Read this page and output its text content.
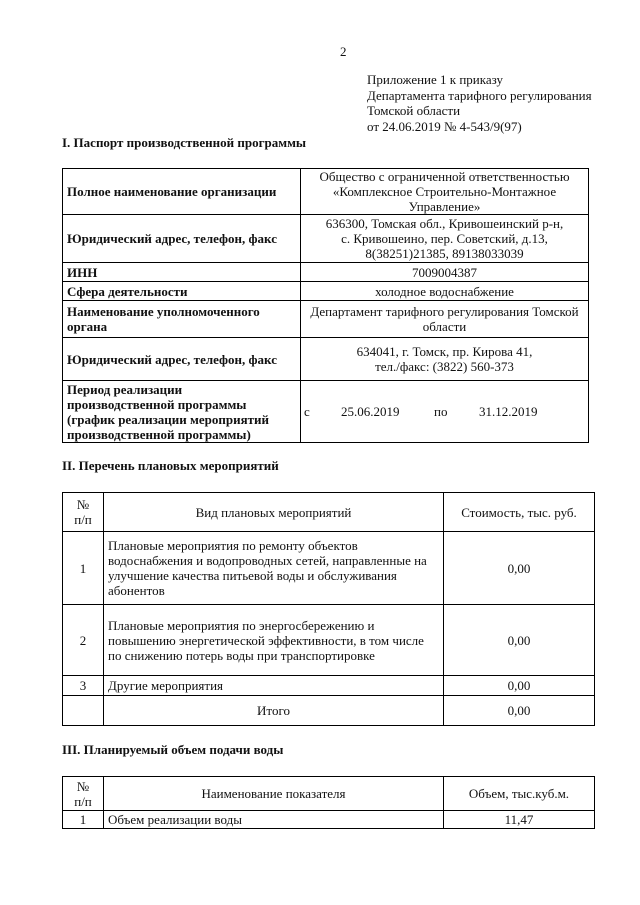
2
Приложение 1 к приказу
Департамента тарифного регулирования
Томской области
от 24.06.2019 № 4-543/9(97)
I. Паспорт производственной программы
Полное наименование организации	Общество с ограниченной ответственностью
«Комплексное Строительно-Монтажное
Управление»

Юридический адрес, телефон, факс	636300, Томская обл., Кривошеинский р-н,
с. Кривошеино, пер. Советский, д.13,
8(38251)21385, 89138033039

ИНН	7009004387

Сфера деятельности	холодное водоснабжение

Наименование уполномоченного
органа	Департамент тарифного регулирования Томской
области

Юридический адрес, телефон, факс	634041, г. Томск, пр. Кирова 41,
тел./факс: (3822) 560-373

Период реализации
производственной программы
(график реализации мероприятий
производственной программы)	с 25.06.2019 по 31.12.2019
II. Перечень плановых мероприятий
№
п/п	Вид плановых мероприятий	Стоимость, тыс. руб.

1	Плановые мероприятия по ремонту объектов
водоснабжения и водопроводных сетей, направленные на
улучшение качества питьевой воды и обслуживания
абонентов	0,00
2	Плановые мероприятия по энергосбережению и
повышению энергетической эффективности, в том числе
по снижению потерь воды при транспортировке	0,00
3	Другие мероприятия	0,00
	Итого	0,00
III. Планируемый объем подачи воды
№
п/п	Наименование показателя	Объем, тыс.куб.м.
1	Объем реализации воды	11,47
